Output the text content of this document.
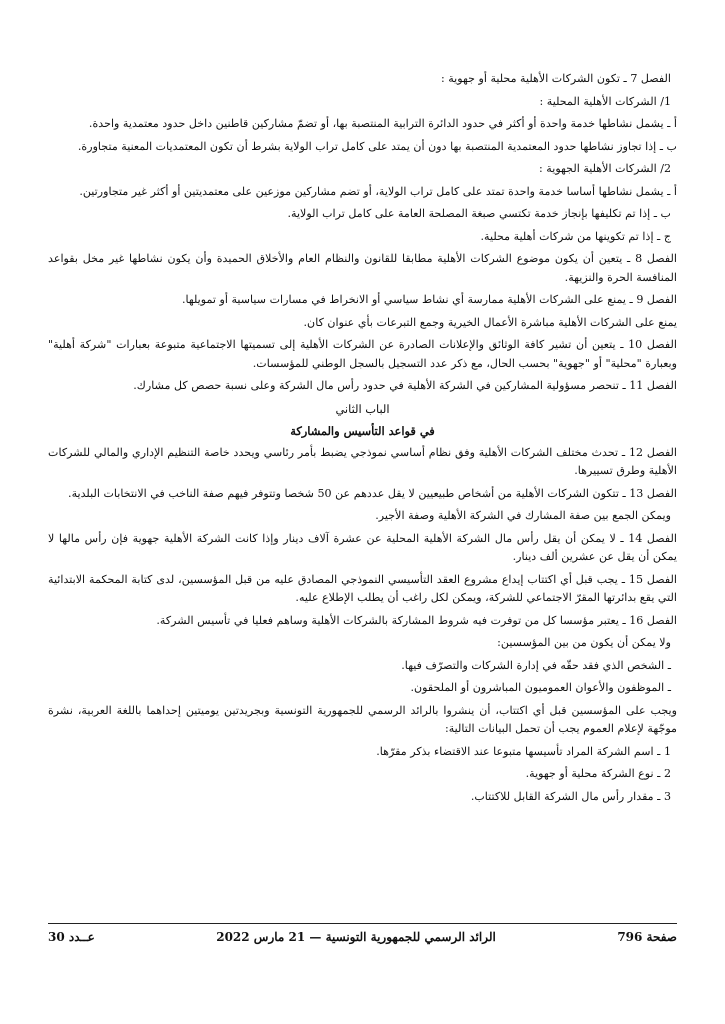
الفصل 7 ـ تكون الشركات الأهلية محلية أو جهوية :

1/ الشركات الأهلية المحلية :

أ ـ يشمل نشاطها خدمة واحدة أو أكثر في حدود الدائرة الترابية المنتصبة بها، أو تضمّ مشاركين قاطنين داخل حدود معتمدية واحدة.

ب ـ إذا تجاوز نشاطها حدود المعتمدية المنتصبة بها دون أن يمتد على كامل تراب الولاية بشرط أن تكون المعتمديات المعنية متجاورة.

2/ الشركات الأهلية الجهوية :

أ ـ يشمل نشاطها أساسا خدمة واحدة تمتد على كامل تراب الولاية، أو تضم مشاركين موزعين على معتمديتين أو أكثر غير متجاورتين.

ب ـ إذا تم تكليفها بإنجاز خدمة تكتسي صبغة المصلحة العامة على كامل تراب الولاية.

ج ـ إذا تم تكوينها من شركات أهلية محلية.

الفصل 8 ـ يتعين أن يكون موضوع الشركات الأهلية مطابقا للقانون والنظام العام والأخلاق الحميدة وأن يكون نشاطها غير مخل بقواعد المنافسة الحرة والنزيهة.

الفصل 9 ـ يمنع على الشركات الأهلية ممارسة أي نشاط سياسي أو الانخراط في مسارات سياسية أو تمويلها.

يمنع على الشركات الأهلية مباشرة الأعمال الخيرية وجمع التبرعات بأي عنوان كان.

الفصل 10 ـ يتعين أن تشير كافة الوثائق والإعلانات الصادرة عن الشركات الأهلية إلى تسميتها الاجتماعية متبوعة بعبارات "شركة أهلية" وبعبارة "محلية" أو "جهوية" بحسب الحال، مع ذكر عدد التسجيل بالسجل الوطني للمؤسسات.

الفصل 11 ـ تنحصر مسؤولية المشاركين في الشركة الأهلية في حدود رأس مال الشركة وعلى نسبة حصص كل مشارك.

الباب الثاني
في قواعد التأسيس والمشاركة

الفصل 12 ـ تحدث مختلف الشركات الأهلية وفق نظام أساسي نموذجي يضبط بأمر رئاسي ويحدد خاصة التنظيم الإداري والمالي للشركات الأهلية وطرق تسييرها.

الفصل 13 ـ تتكون الشركات الأهلية من أشخاص طبيعيين لا يقل عددهم عن 50 شخصا وتتوفر فيهم صفة الناخب في الانتخابات البلدية.

ويمكن الجمع بين صفة المشارك في الشركة الأهلية وصفة الأجير.

الفصل 14 ـ لا يمكن أن يقل رأس مال الشركة الأهلية المحلية عن عشرة آلاف دينار وإذا كانت الشركة الأهلية جهوية فإن رأس مالها لا يمكن أن يقل عن عشرين ألف دينار.

الفصل 15 ـ يجب قبل أي اكتتاب إيداع مشروع العقد التأسيسي النموذجي المصادق عليه من قبل المؤسسين، لدى كتابة المحكمة الابتدائية التي يقع بدائرتها المقرّ الاجتماعي للشركة، ويمكن لكل راغب أن يطلب الإطلاع عليه.

الفصل 16 ـ يعتبر مؤسسا كل من توفرت فيه شروط المشاركة بالشركات الأهلية وساهم فعليا في تأسيس الشركة.

ولا يمكن أن يكون من بين المؤسسين:

ـ الشخص الذي فقد حقّه في إدارة الشركات والتصرّف فيها.

ـ الموظفون والأعوان العموميون المباشرون أو الملحقون.

ويجب على المؤسسين قبل أي اكتتاب، أن ينشروا بالرائد الرسمي للجمهورية التونسية وبجريدتين يوميتين إحداهما باللغة العربية، نشرة موجّهة لإعلام العموم يجب أن تحمل البيانات التالية:

1 ـ اسم الشركة المراد تأسيسها متبوعا عند الاقتضاء بذكر مقرّها.

2 ـ نوع الشركة محلية أو جهوية.

3 ـ مقدار رأس مال الشركة القابل للاكتتاب.

صفحة 796
الرائد الرسمي للجمهورية التونسية — 21 مارس 2022
عــدد 30
